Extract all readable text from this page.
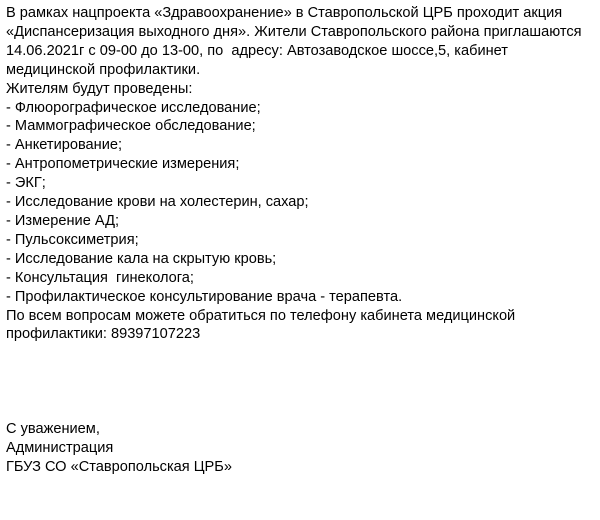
В рамках нацпроекта «Здравоохранение» в Ставропольской ЦРБ проходит акция
«Диспансеризация выходного дня». Жители Ставропольского района приглашаются
14.06.2021г с 09-00 до 13-00, по  адресу: Автозаводское шоссе,5, кабинет
медицинской профилактики.
Жителям будут проведены:
- Флюорографическое исследование;
- Маммографическое обследование;
- Анкетирование;
- Антропометрические измерения;
- ЭКГ;
- Исследование крови на холестерин, сахар;
- Измерение АД;
- Пульсоксиметрия;
- Исследование кала на скрытую кровь;
- Консультация  гинеколога;
- Профилактическое консультирование врача - терапевта.
По всем вопросам можете обратиться по телефону кабинета медицинской
профилактики: 89397107223
С уважением,
Администрация
ГБУЗ СО «Ставропольская ЦРБ»
